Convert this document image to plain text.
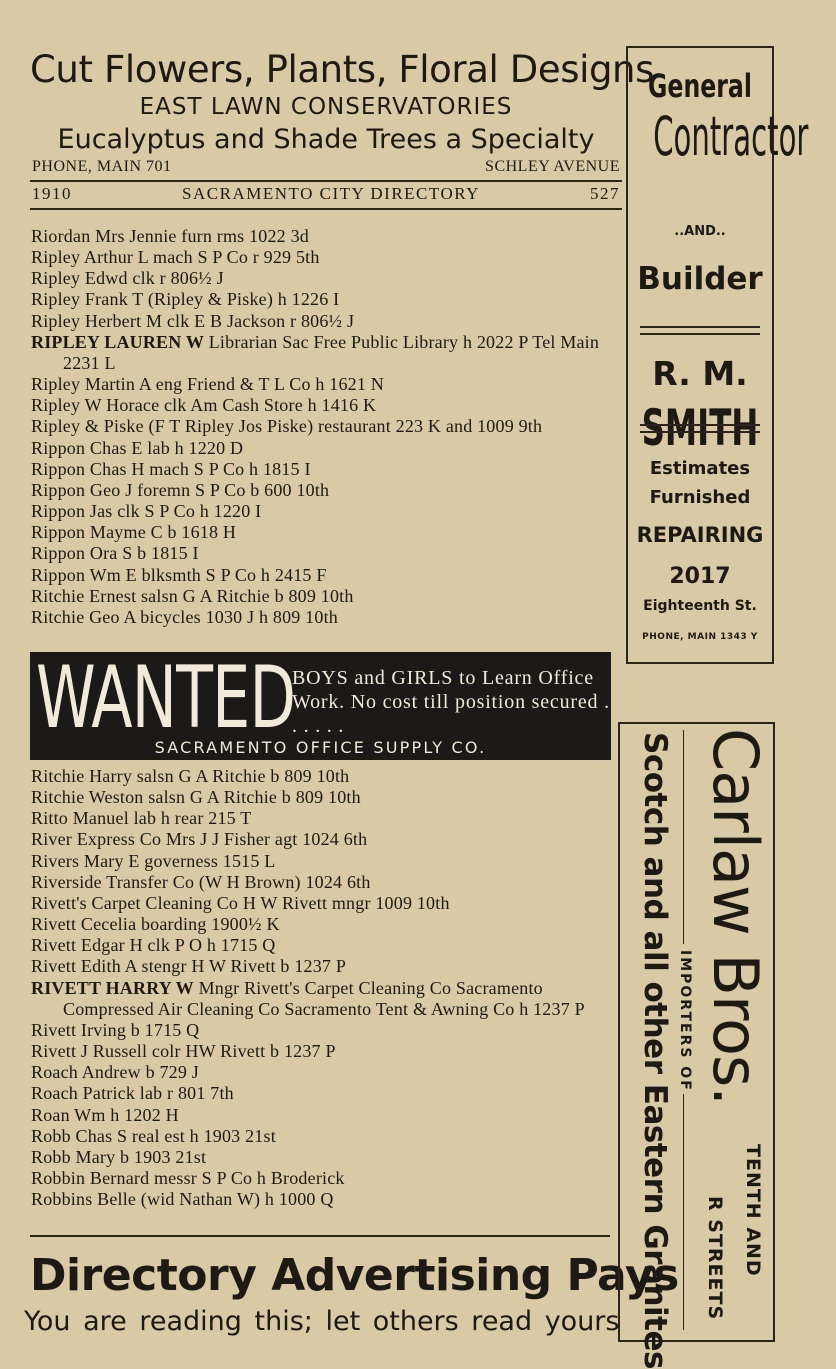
Cut Flowers, Plants, Floral Designs
EAST LAWN CONSERVATORIES
Eucalyptus and Shade Trees a Specialty
PHONE, MAIN 701	SCHLEY AVENUE
1910	SACRAMENTO CITY DIRECTORY	527
Riordan Mrs Jennie furn rms 1022 3d
Ripley Arthur L mach S P Co r 929 5th
Ripley Edwd clk r 806½ J
Ripley Frank T (Ripley & Piske) h 1226 I
Ripley Herbert M clk E B Jackson r 806½ J
RIPLEY LAUREN W Librarian Sac Free Public Library h 2022 P Tel Main 2231 L
Ripley Martin A eng Friend & T L Co h 1621 N
Ripley W Horace clk Am Cash Store h 1416 K
Ripley & Piske (F T Ripley Jos Piske) restaurant 223 K and 1009 9th
Rippon Chas E lab h 1220 D
Rippon Chas H mach S P Co h 1815 I
Rippon Geo J foremn S P Co b 600 10th
Rippon Jas clk S P Co h 1220 I
Rippon Mayme C b 1618 H
Rippon Ora S b 1815 I
Rippon Wm E blksmth S P Co h 2415 F
Ritchie Ernest salsn G A Ritchie b 809 10th
Ritchie Geo A bicycles 1030 J h 809 10th
WANTED
BOYS and GIRLS to Learn Office Work. No cost till position secured . . . . . .
SACRAMENTO OFFICE SUPPLY CO.
Ritchie Harry salsn G A Ritchie b 809 10th
Ritchie Weston salsn G A Ritchie b 809 10th
Ritto Manuel lab h rear 215 T
River Express Co Mrs J J Fisher agt 1024 6th
Rivers Mary E governess 1515 L
Riverside Transfer Co (W H Brown) 1024 6th
Rivett's Carpet Cleaning Co H W Rivett mngr 1009 10th
Rivett Cecelia boarding 1900½ K
Rivett Edgar H clk P O h 1715 Q
Rivett Edith A stengr H W Rivett b 1237 P
RIVETT HARRY W Mngr Rivett's Carpet Cleaning Co Sacramento Compressed Air Cleaning Co Sacramento Tent & Awning Co h 1237 P
Rivett Irving b 1715 Q
Rivett J Russell colr HW Rivett b 1237 P
Roach Andrew b 729 J
Roach Patrick lab r 801 7th
Roan Wm h 1202 H
Robb Chas S real est h 1903 21st
Robb Mary b 1903 21st
Robbin Bernard messr S P Co h Broderick
Robbins Belle (wid Nathan W) h 1000 Q
Directory Advertising Pays
You are reading this; let others read yours
General
Contractor
..AND..
Builder
R. M.
SMITH
Estimates
Furnished
REPAIRING
2017
Eighteenth St.
PHONE, MAIN 1343 Y
Carlaw Bros.
Scotch and all other Eastern Granites IMPORTERS OF
TENTH AND
R STREETS
